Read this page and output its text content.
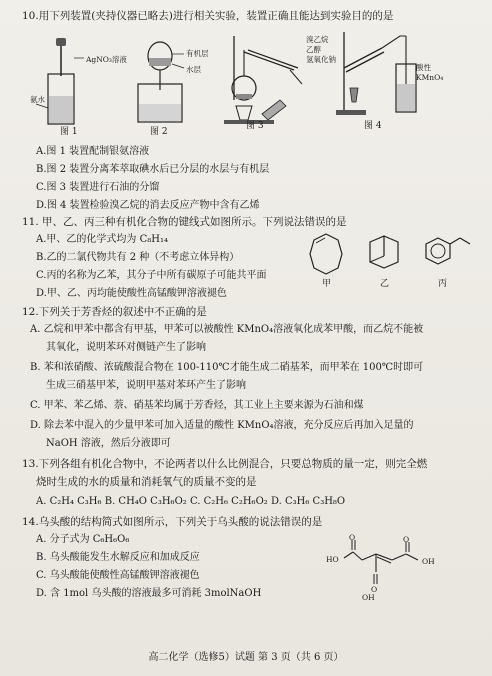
10.用下列装置(夹持仪器已略去)进行相关实验，装置正确且能达到实验目的的是
AgNO₃溶液
氨水
图 1
有机层
水层
图 2
溴乙烷
乙醇
氢氧化钠
图 3
酸性
KMnO₄
图 4
A.图 1 装置配制银氨溶液
B.图 2 装置分离苯萃取碘水后已分层的水层与有机层
C.图 3 装置进行石油的分馏
D.图 4 装置检验溴乙烷的消去反应产物中含有乙烯
11. 甲、乙、丙三种有机化合物的键线式如图所示。下列说法错误的是
A.甲、乙的化学式均为 C₈H₁₄
B.乙的二氯代物共有 2 种（不考虑立体异构）
C.丙的名称为乙苯，其分子中所有碳原子可能共平面
D.甲、乙、丙均能使酸性高锰酸钾溶液褪色
甲	乙	丙
12.下列关于芳香烃的叙述中不正确的是
A. 乙烷和甲苯中都含有甲基，甲苯可以被酸性 KMnO₄溶液氧化成苯甲酸，而乙烷不能被
其氧化，说明苯环对侧链产生了影响
B. 苯和浓硝酸、浓硫酸混合物在 100-110℃才能生成二硝基苯，而甲苯在 100℃时即可
生成三硝基甲苯，说明甲基对苯环产生了影响
C. 甲苯、苯乙烯、萘、硝基苯均属于芳香烃，其工业上主要来源为石油和煤
D. 除去苯中混入的少量甲苯可加入适量的酸性 KMnO₄溶液，充分反应后再加入足量的
NaOH 溶液，然后分液即可
13.下列各组有机化合物中，不论两者以什么比例混合，只要总物质的量一定，则完全燃
烧时生成的水的质量和消耗氧气的质量不变的是
A. C₂H₄ C₃H₆ B. CH₄O C₃H₆O₂ C. C₂H₆ C₂H₆O₂ D. C₃H₆ C₃H₈O
14.乌头酸的结构简式如图所示，下列关于乌头酸的说法错误的是
A. 分子式为 C₆H₆O₆
B. 乌头酸能发生水解反应和加成反应
C. 乌头酸能使酸性高锰酸钾溶液褪色
D. 含 1mol 乌头酸的溶液最多可消耗 3molNaOH
O
OH
HO
O
O
OH
高二化学（选修5）试题 第 3 页（共 6 页）
